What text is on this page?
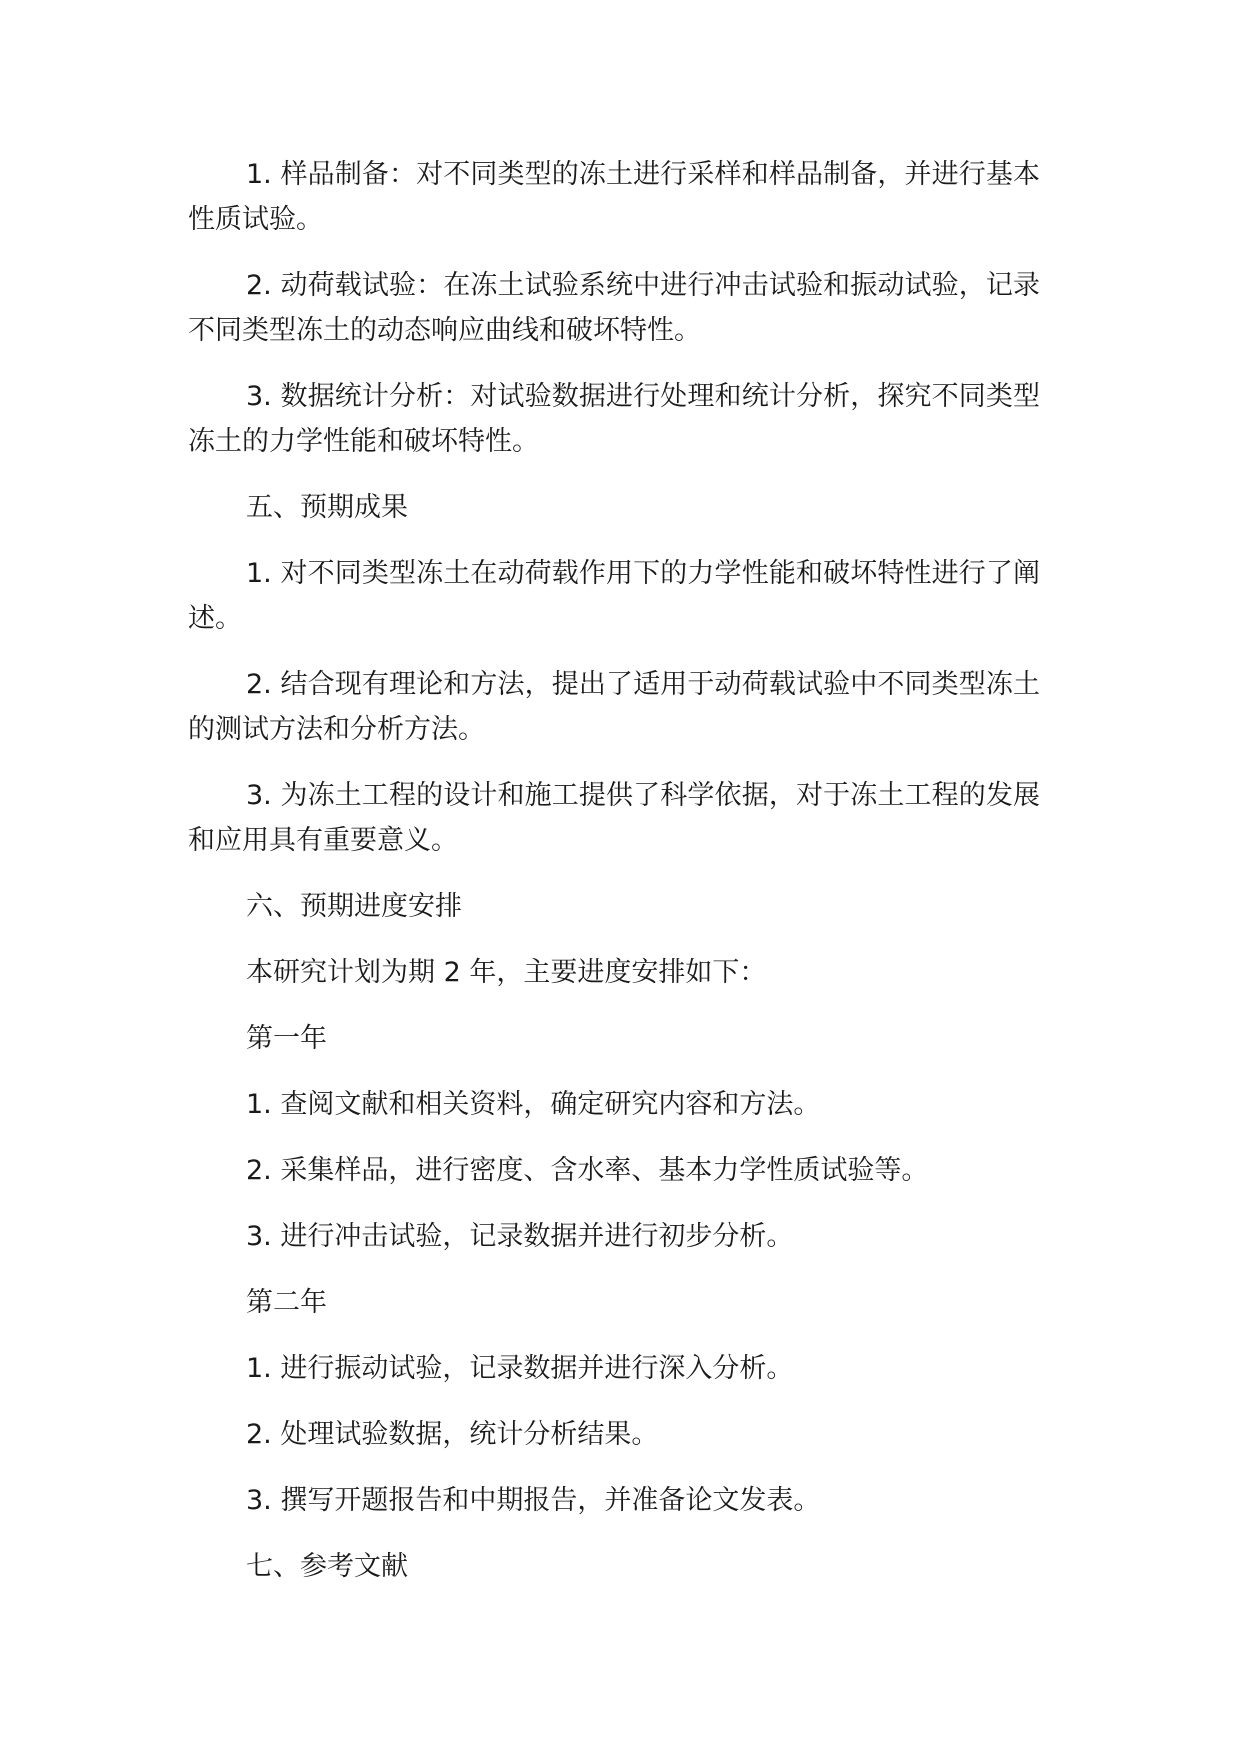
1. 样品制备：对不同类型的冻土进行采样和样品制备，并进行基本性质试验。

2. 动荷载试验：在冻土试验系统中进行冲击试验和振动试验，记录不同类型冻土的动态响应曲线和破坏特性。

3. 数据统计分析：对试验数据进行处理和统计分析，探究不同类型冻土的力学性能和破坏特性。

五、预期成果

1. 对不同类型冻土在动荷载作用下的力学性能和破坏特性进行了阐述。

2. 结合现有理论和方法，提出了适用于动荷载试验中不同类型冻土的测试方法和分析方法。

3. 为冻土工程的设计和施工提供了科学依据，对于冻土工程的发展和应用具有重要意义。

六、预期进度安排

本研究计划为期 2 年，主要进度安排如下：

第一年

1. 查阅文献和相关资料，确定研究内容和方法。

2. 采集样品，进行密度、含水率、基本力学性质试验等。

3. 进行冲击试验，记录数据并进行初步分析。

第二年

1. 进行振动试验，记录数据并进行深入分析。

2. 处理试验数据，统计分析结果。

3. 撰写开题报告和中期报告，并准备论文发表。

七、参考文献
